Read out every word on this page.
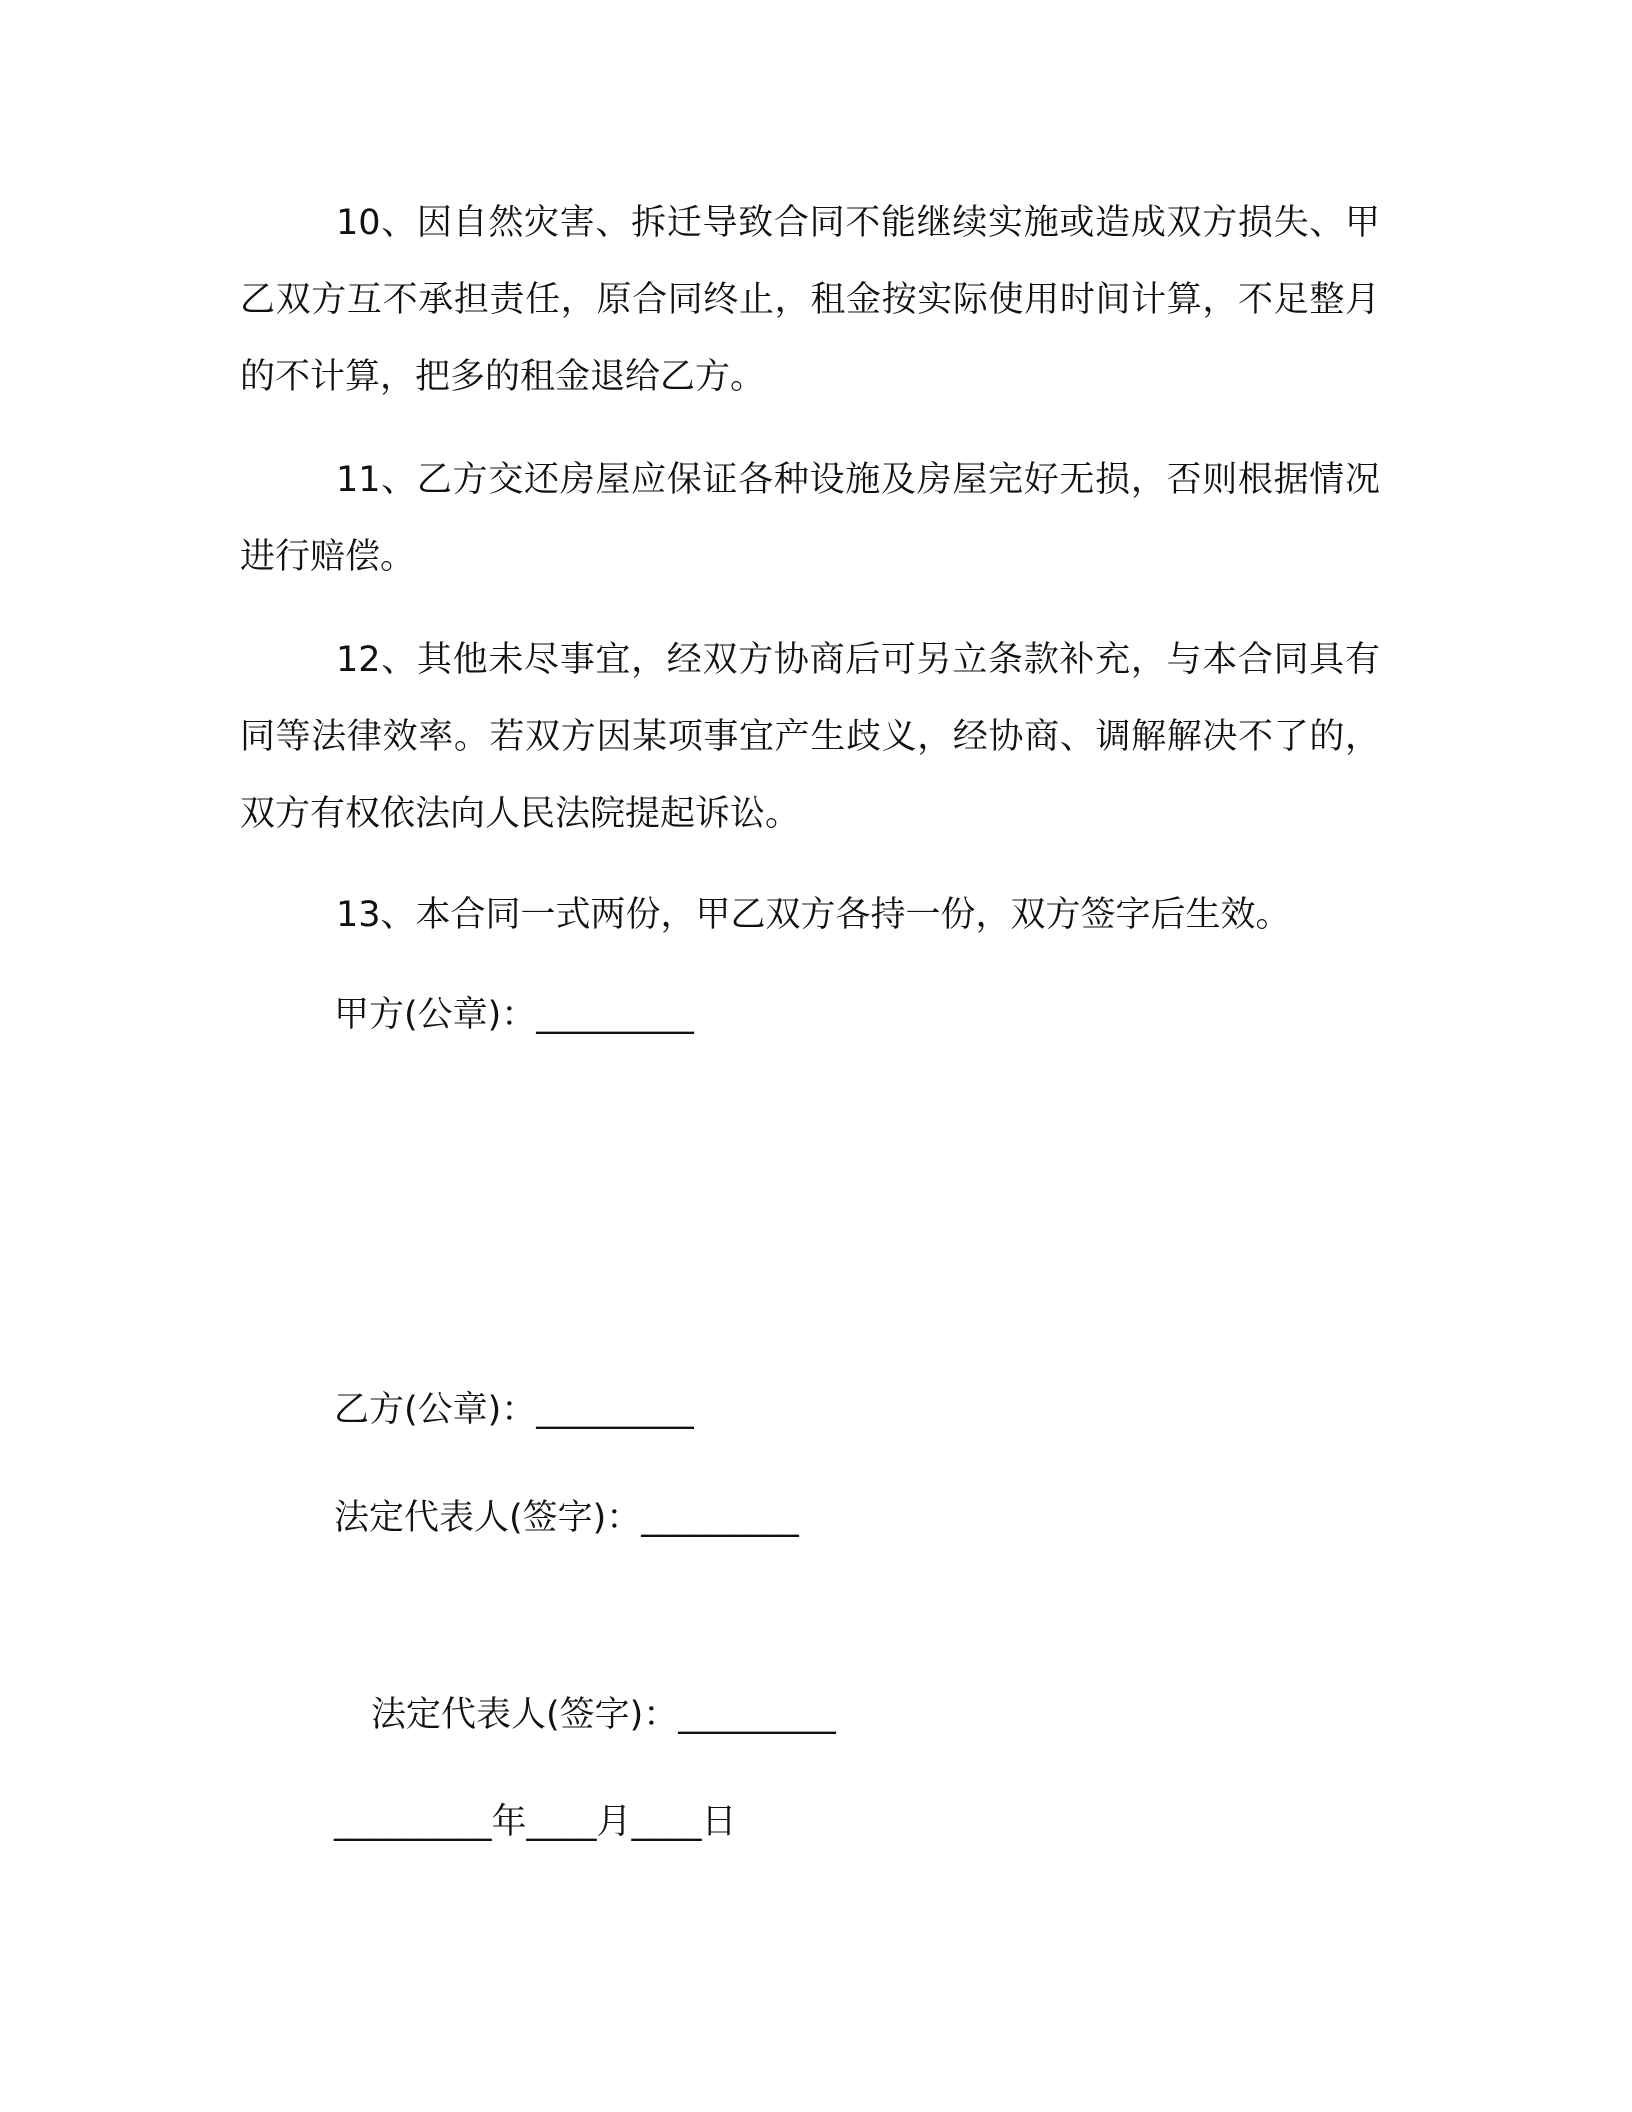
10、因自然灾害、拆迁导致合同不能继续实施或造成双方损失、甲乙双方互不承担责任，原合同终止，租金按实际使用时间计算，不足整月的不计算，把多的租金退给乙方。

11、乙方交还房屋应保证各种设施及房屋完好无损，否则根据情况进行赔偿。

12、其他未尽事宜，经双方协商后可另立条款补充，与本合同具有同等法律效率。若双方因某项事宜产生歧义，经协商、调解解决不了的，双方有权依法向人民法院提起诉讼。

13、本合同一式两份，甲乙双方各持一份，双方签字后生效。

甲方(公章)：_________

乙方(公章)：_________

法定代表人(签字)：_________

法定代表人(签字)：_________

_________年____月____日
